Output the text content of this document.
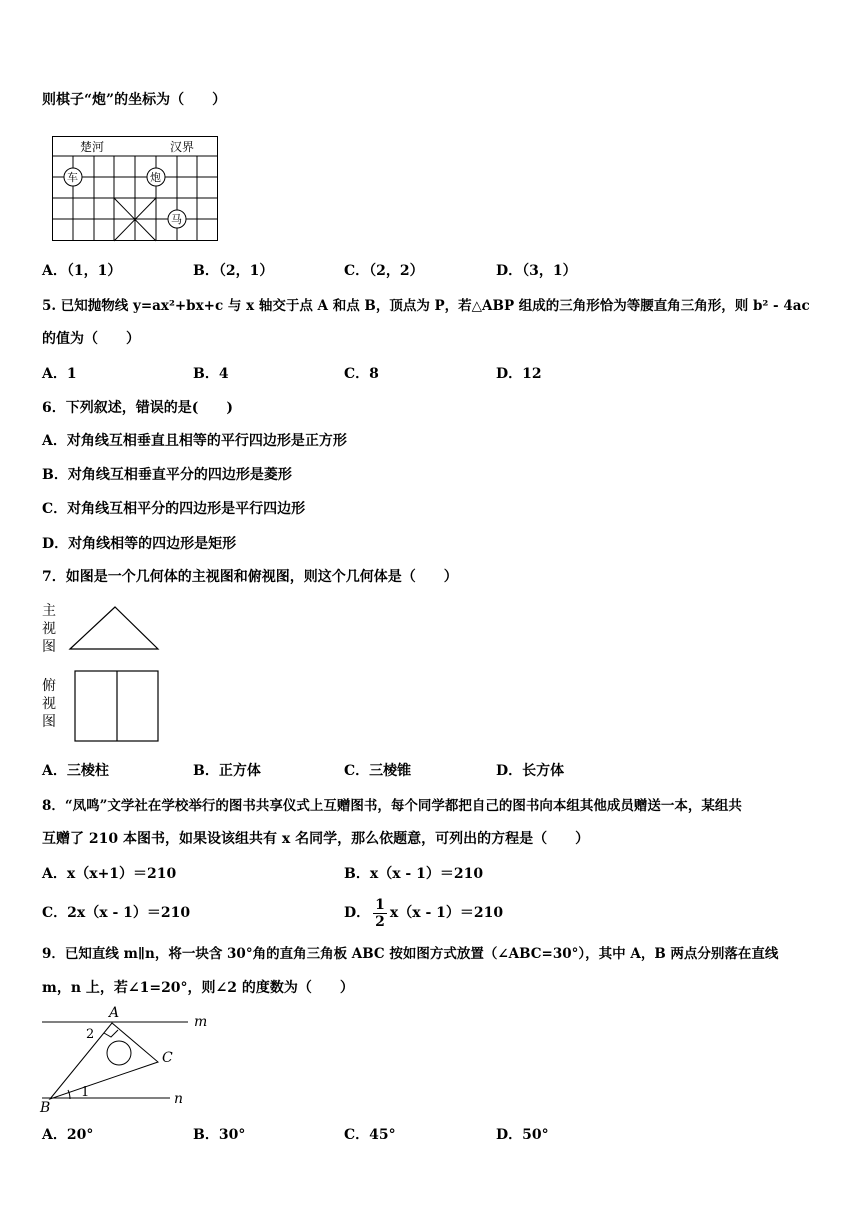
则棋子“炮”的坐标为（　　）
楚河	汉界
车	炮
马
A．（1，1）	B．（2，1）	C．（2，2）	D．（3，1）
5. 已知抛物线 y=ax²+bx+c 与 x 轴交于点 A 和点 B，顶点为 P，若△ABP 组成的三角形恰为等腰直角三角形，则 b² - 4ac
的值为（　　）
A．1	B．4	C．8	D．12
6．下列叙述，错误的是(　　)
A．对角线互相垂直且相等的平行四边形是正方形
B．对角线互相垂直平分的四边形是菱形
C．对角线互相平分的四边形是平行四边形
D．对角线相等的四边形是矩形
7．如图是一个几何体的主视图和俯视图，则这个几何体是（　　）
主
视
图
俯
视
图
A．三棱柱	B．正方体	C．三棱锥	D．长方体
8．“凤鸣”文学社在学校举行的图书共享仪式上互赠图书，每个同学都把自己的图书向本组其他成员赠送一本，某组共
互赠了 210 本图书，如果设该组共有 x 名同学，那么依题意，可列出的方程是（　　）
A．x（x+1）＝210	B．x（x - 1）＝210
C．2x（x - 1）＝210	D． $\frac{1}{2} x(x - 1)=210$
9．已知直线 m∥n，将一块含 30°角的直角三角板 ABC 按如图方式放置（∠ABC=30°），其中 A，B 两点分别落在直线
m，n 上，若∠1=20°，则∠2 的度数为（　　）
A
B
C
m
n
1
2
A．20°	B．30°	C．45°	D．50°
